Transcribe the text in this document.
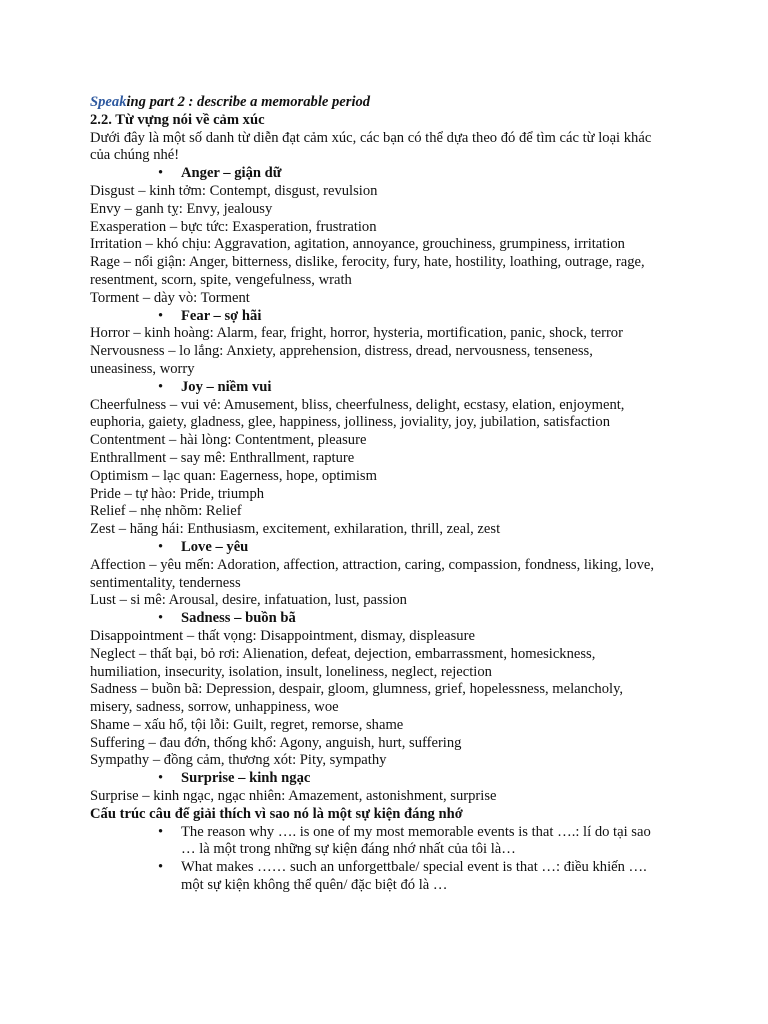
Speaking part 2 : describe a memorable period
2.2. Từ vựng nói về cảm xúc
Dưới đây là một số danh từ diễn đạt cảm xúc, các bạn có thể dựa theo đó để tìm các từ loại khác
của chúng nhé!
• Anger – giận dữ
Disgust – kinh tởm: Contempt, disgust, revulsion
Envy – ganh tỵ: Envy, jealousy
Exasperation – bực tức: Exasperation, frustration
Irritation – khó chịu: Aggravation, agitation, annoyance, grouchiness, grumpiness, irritation
Rage – nổi giận: Anger, bitterness, dislike, ferocity, fury, hate, hostility, loathing, outrage, rage,
resentment, scorn, spite, vengefulness, wrath
Torment – dày vò: Torment
• Fear – sợ hãi
Horror – kinh hoàng: Alarm, fear, fright, horror, hysteria, mortification, panic, shock, terror
Nervousness – lo lắng: Anxiety, apprehension, distress, dread, nervousness, tenseness,
uneasiness, worry
• Joy – niềm vui
Cheerfulness – vui vẻ: Amusement, bliss, cheerfulness, delight, ecstasy, elation, enjoyment,
euphoria, gaiety, gladness, glee, happiness, jolliness, joviality, joy, jubilation, satisfaction
Contentment – hài lòng: Contentment, pleasure
Enthrallment – say mê: Enthrallment, rapture
Optimism – lạc quan: Eagerness, hope, optimism
Pride – tự hào: Pride, triumph
Relief – nhẹ nhõm: Relief
Zest – hăng hái: Enthusiasm, excitement, exhilaration, thrill, zeal, zest
• Love – yêu
Affection – yêu mến: Adoration, affection, attraction, caring, compassion, fondness, liking, love,
sentimentality, tenderness
Lust – si mê: Arousal, desire, infatuation, lust, passion
• Sadness – buồn bã
Disappointment – thất vọng: Disappointment, dismay, displeasure
Neglect – thất bại, bỏ rơi: Alienation, defeat, dejection, embarrassment, homesickness,
humiliation, insecurity, isolation, insult, loneliness, neglect, rejection
Sadness – buồn bã: Depression, despair, gloom, glumness, grief, hopelessness, melancholy,
misery, sadness, sorrow, unhappiness, woe
Shame – xấu hổ, tội lỗi: Guilt, regret, remorse, shame
Suffering – đau đớn, thống khổ: Agony, anguish, hurt, suffering
Sympathy – đồng cảm, thương xót: Pity, sympathy
• Surprise – kinh ngạc
Surprise – kinh ngạc, ngạc nhiên: Amazement, astonishment, surprise
Cấu trúc câu để giải thích vì sao nó là một sự kiện đáng nhớ
• The reason why …. is one of my most memorable events is that ….: lí do tại sao
… là một trong những sự kiện đáng nhớ nhất của tôi là…
• What makes …… such an unforgettbale/ special event is that …: điều khiến ….
một sự kiện không thể quên/ đặc biệt đó là …
